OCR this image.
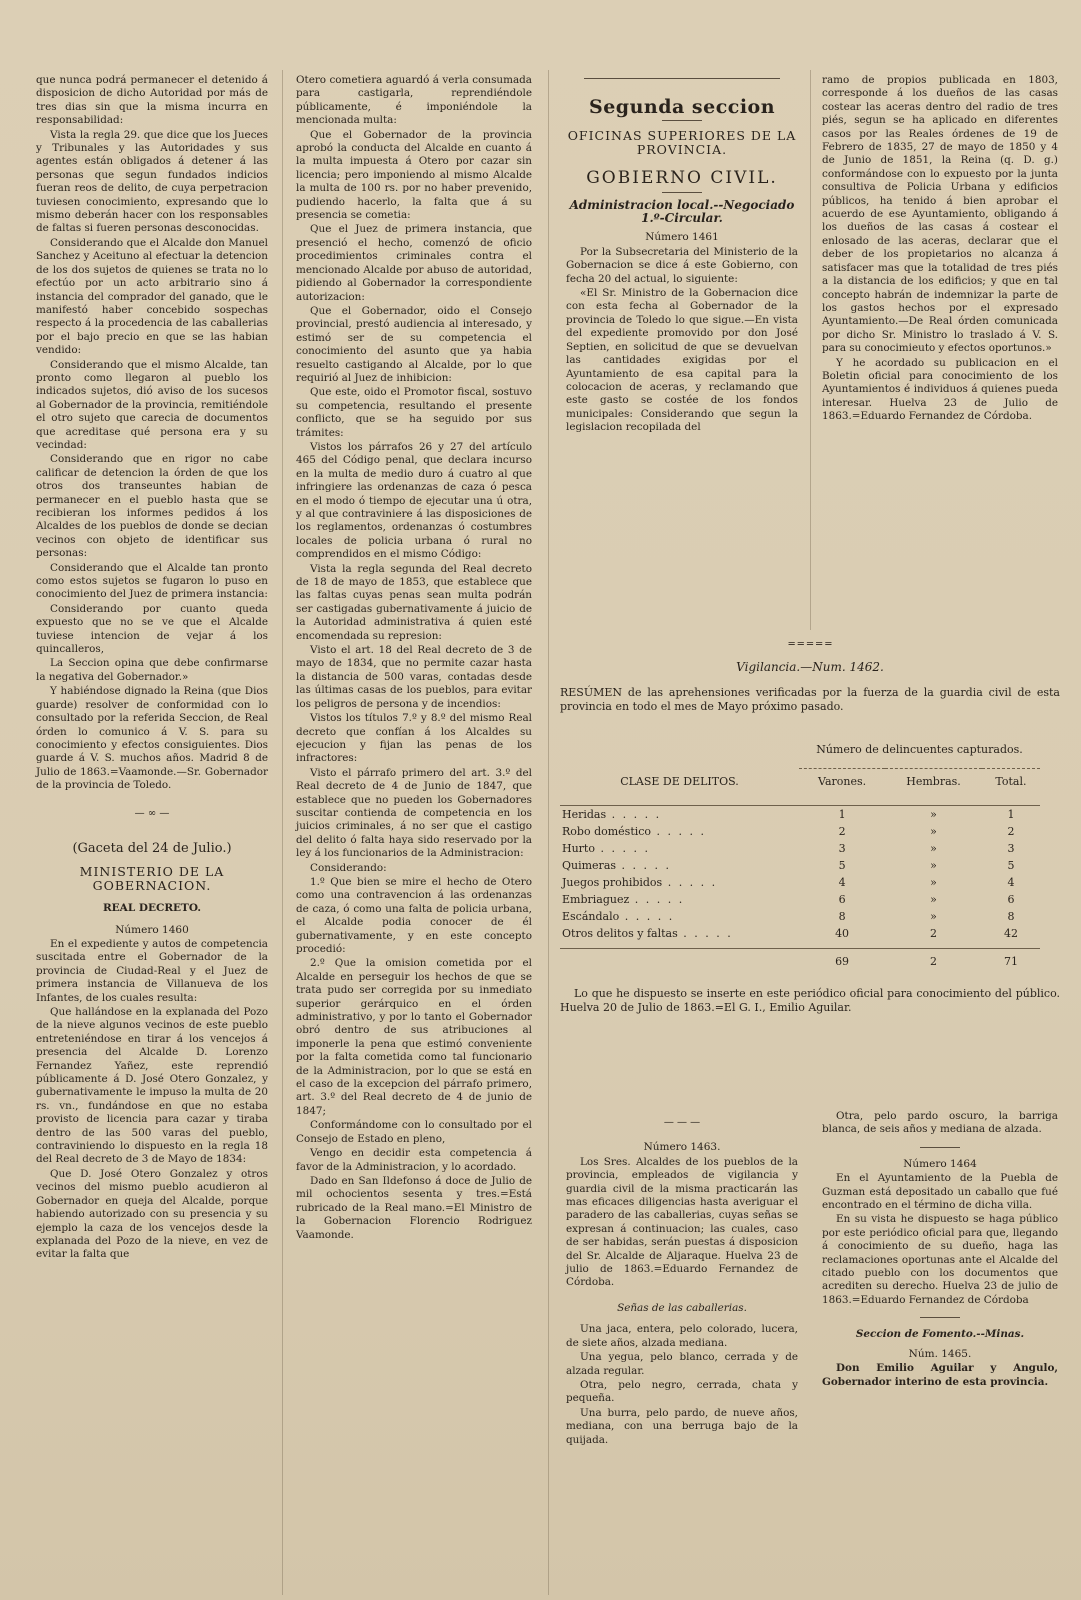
que nunca podrá permanecer el detenido á disposicion de dicho Autoridad por más de tres dias sin que la misma incurra en responsabilidad:

Vista la regla 29. que dice que los Jueces y Tribunales y las Autoridades y sus agentes están obligados á detener á las personas que segun fundados indicios fueran reos de delito, de cuya perpetracion tuviesen conocimiento, expresando que lo mismo deberán hacer con los responsables de faltas si fueren personas desconocidas.

Considerando que el Alcalde don Manuel Sanchez y Aceituno al efectuar la detencion de los dos sujetos de quienes se trata no lo efectúo por un acto arbitrario sino á instancia del comprador del ganado, que le manifestó haber concebido sospechas respecto á la procedencia de las caballerias por el bajo precio en que se las habian vendido:

Considerando que el mismo Alcalde, tan pronto como llegaron al pueblo los indicados sujetos, dió aviso de los sucesos al Gobernador de la provincia, remitiéndole el otro sujeto que carecia de documentos que acreditase qué persona era y su vecindad:

Considerando que en rigor no cabe calificar de detencion la órden de que los otros dos transeuntes habian de permanecer en el pueblo hasta que se recibieran los informes pedidos á los Alcaldes de los pueblos de donde se decian vecinos con objeto de identificar sus personas:

Considerando que el Alcalde tan pronto como estos sujetos se fugaron lo puso en conocimiento del Juez de primera instancia:

Considerando por cuanto queda expuesto que no se ve que el Alcalde tuviese intencion de vejar á los quincalleros,

La Seccion opina que debe confirmarse la negativa del Gobernador.»

Y habiéndose dignado la Reina (que Dios guarde) resolver de conformidad con lo consultado por la referida Seccion, de Real órden lo comunico á V. S. para su conocimiento y efectos consiguientes. Dios guarde á V. S. muchos años. Madrid 8 de Julio de 1863.=Vaamonde.—Sr. Gobernador de la provincia de Toledo.

— ∞ —

(Gaceta del 24 de Julio.)
MINISTERIO DE LA GOBERNACION.
REAL DECRETO.

Número 1460

En el expediente y autos de competencia suscitada entre el Gobernador de la provincia de Ciudad-Real y el Juez de primera instancia de Villanueva de los Infantes, de los cuales resulta:

Que hallándose en la explanada del Pozo de la nieve algunos vecinos de este pueblo entreteniéndose en tirar á los vencejos á presencia del Alcalde D. Lorenzo Fernandez Yañez, este reprendió públicamente á D. José Otero Gonzalez, y gubernativamente le impuso la multa de 20 rs. vn., fundándose en que no estaba provisto de licencia para cazar y tiraba dentro de las 500 varas del pueblo, contraviniendo lo dispuesto en la regla 18 del Real decreto de 3 de Mayo de 1834:

Que D. José Otero Gonzalez y otros vecinos del mismo pueblo acudieron al Gobernador en queja del Alcalde, porque habiendo autorizado con su presencia y su ejemplo la caza de los vencejos desde la explanada del Pozo de la nieve, en vez de evitar la falta que

Otero cometiera aguardó á verla consumada para castigarla, reprendiéndole públicamente, é imponiéndole la mencionada multa:

Que el Gobernador de la provincia aprobó la conducta del Alcalde en cuanto á la multa impuesta á Otero por cazar sin licencia; pero imponiendo al mismo Alcalde la multa de 100 rs. por no haber prevenido, pudiendo hacerlo, la falta que á su presencia se cometia:

Que el Juez de primera instancia, que presenció el hecho, comenzó de oficio procedimientos criminales contra el mencionado Alcalde por abuso de autoridad, pidiendo al Gobernador la correspondiente autorizacion:

Que el Gobernador, oido el Consejo provincial, prestó audiencia al interesado, y estimó ser de su competencia el conocimiento del asunto que ya habia resuelto castigando al Alcalde, por lo que requirió al Juez de inhibicion:

Que este, oido el Promotor fiscal, sostuvo su competencia, resultando el presente conflicto, que se ha seguido por sus trámites:

Vistos los párrafos 26 y 27 del artículo 465 del Código penal, que declara incurso en la multa de medio duro á cuatro al que infringiere las ordenanzas de caza ó pesca en el modo ó tiempo de ejecutar una ú otra, y al que contraviniere á las disposiciones de los reglamentos, ordenanzas ó costumbres locales de policia urbana ó rural no comprendidos en el mismo Código:

Vista la regla segunda del Real decreto de 18 de mayo de 1853, que establece que las faltas cuyas penas sean multa podrán ser castigadas gubernativamente á juicio de la Autoridad administrativa á quien esté encomendada su represion:

Visto el art. 18 del Real decreto de 3 de mayo de 1834, que no permite cazar hasta la distancia de 500 varas, contadas desde las últimas casas de los pueblos, para evitar los peligros de persona y de incendios:

Vistos los títulos 7.º y 8.º del mismo Real decreto que confían á los Alcaldes su ejecucion y fijan las penas de los infractores:

Visto el párrafo primero del art. 3.º del Real decreto de 4 de Junio de 1847, que establece que no pueden los Gobernadores suscitar contienda de competencia en los juicios criminales, á no ser que el castigo del delito ó falta haya sido reservado por la ley á los funcionarios de la Administracion:

Considerando:

1.º Que bien se mire el hecho de Otero como una contravencion á las ordenanzas de caza, ó como una falta de policia urbana, el Alcalde podia conocer de él gubernativamente, y en este concepto procedió:

2.º Que la omision cometida por el Alcalde en perseguir los hechos de que se trata pudo ser corregida por su inmediato superior gerárquico en el órden administrativo, y por lo tanto el Gobernador obró dentro de sus atribuciones al imponerle la pena que estimó conveniente por la falta cometida como tal funcionario de la Administracion, por lo que se está en el caso de la excepcion del párrafo primero, art. 3.º del Real decreto de 4 de junio de 1847;

Conformándome con lo consultado por el Consejo de Estado en pleno,

Vengo en decidir esta competencia á favor de la Administracion, y lo acordado.

Dado en San Ildefonso á doce de Julio de mil ochocientos sesenta y tres.=Está rubricado de la Real mano.=El Ministro de la Gobernacion Florencio Rodriguez Vaamonde.

Segunda seccion
OFICINAS SUPERIORES DE LA PROVINCIA.
GOBIERNO CIVIL.
Administracion local.--Negociado 1.º-Circular.

Número 1461

Por la Subsecretaria del Ministerio de la Gobernacion se dice á este Gobierno, con fecha 20 del actual, lo siguiente:

«El Sr. Ministro de la Gobernacion dice con esta fecha al Gobernador de la provincia de Toledo lo que sigue.—En vista del expediente promovido por don José Septien, en solicitud de que se devuelvan las cantidades exigidas por el Ayuntamiento de esa capital para la colocacion de aceras, y reclamando que este gasto se costée de los fondos municipales: Considerando que segun la legislacion recopilada del

ramo de propios publicada en 1803, corresponde á los dueños de las casas costear las aceras dentro del radio de tres piés, segun se ha aplicado en diferentes casos por las Reales órdenes de 19 de Febrero de 1835, 27 de mayo de 1850 y 4 de Junio de 1851, la Reina (q. D. g.) conformándose con lo expuesto por la junta consultiva de Policia Urbana y edificios públicos, ha tenido á bien aprobar el acuerdo de ese Ayuntamiento, obligando á los dueños de las casas á costear el enlosado de las aceras, declarar que el deber de los propietarios no alcanza á satisfacer mas que la totalidad de tres piés a la distancia de los edificios; y que en tal concepto habrán de indemnizar la parte de los gastos hechos por el expresado Ayuntamiento.—De Real órden comunicada por dicho Sr. Ministro lo traslado á V. S. para su conocimieuto y efectos oportunos.»

Y he acordado su publicacion en el Boletin oficial para conocimiento de los Ayuntamientos é individuos á quienes pueda interesar. Huelva 23 de Julio de 1863.=Eduardo Fernandez de Córdoba.

═ ═ ═ ═ ═
Vigilancia.—Num. 1462.
RESÚMEN de las aprehensiones verificadas por la fuerza de la guardia civil de esta provincia en todo el mes de Mayo próximo pasado.
CLASE DE DELITOS.	Número de delincuentes capturados.		
	Varones.	Hembras.	Total.

Heridas . . . . .	1	»	1
Robo doméstico . . . . .	2	»	2
Hurto . . . . .	3	»	3
Quimeras . . . . .	5	»	5
Juegos prohibidos . . . . .	4	»	4
Embriaguez . . . . .	6	»	6
Escándalo . . . . .	8	»	8
Otros delitos y faltas . . . . .	40	2	42

	69	2	71
Lo que he dispuesto se inserte en este periódico oficial para conocimiento del público. Huelva 20 de Julio de 1863.=El G. I., Emilio Aguilar.
— — —

Número 1463.

Los Sres. Alcaldes de los pueblos de la provincia, empleados de vigilancia y guardia civil de la misma practicarán las mas eficaces diligencias hasta averiguar el paradero de las caballerias, cuyas señas se expresan á continuacion; las cuales, caso de ser habidas, serán puestas á disposicion del Sr. Alcalde de Aljaraque. Huelva 23 de julio de 1863.=Eduardo Fernandez de Córdoba.

Señas de las caballerias.

Una jaca, entera, pelo colorado, lucera, de siete años, alzada mediana.

Una yegua, pelo blanco, cerrada y de alzada regular.

Otra, pelo negro, cerrada, chata y pequeña.

Una burra, pelo pardo, de nueve años, mediana, con una berruga bajo de la quijada.

Otra, pelo pardo oscuro, la barriga blanca, de seis años y mediana de alzada.

Número 1464

En el Ayuntamiento de la Puebla de Guzman está depositado un caballo que fué encontrado en el término de dicha villa.

En su vista he dispuesto se haga público por este periódico oficial para que, llegando á conocimiento de su dueño, haga las reclamaciones oportunas ante el Alcalde del citado pueblo con los documentos que acrediten su derecho. Huelva 23 de julio de 1863.=Eduardo Fernandez de Córdoba

Seccion de Fomento.--Minas.

Núm. 1465.

Don Emilio Aguilar y Angulo, Gobernador interino de esta provincia.
